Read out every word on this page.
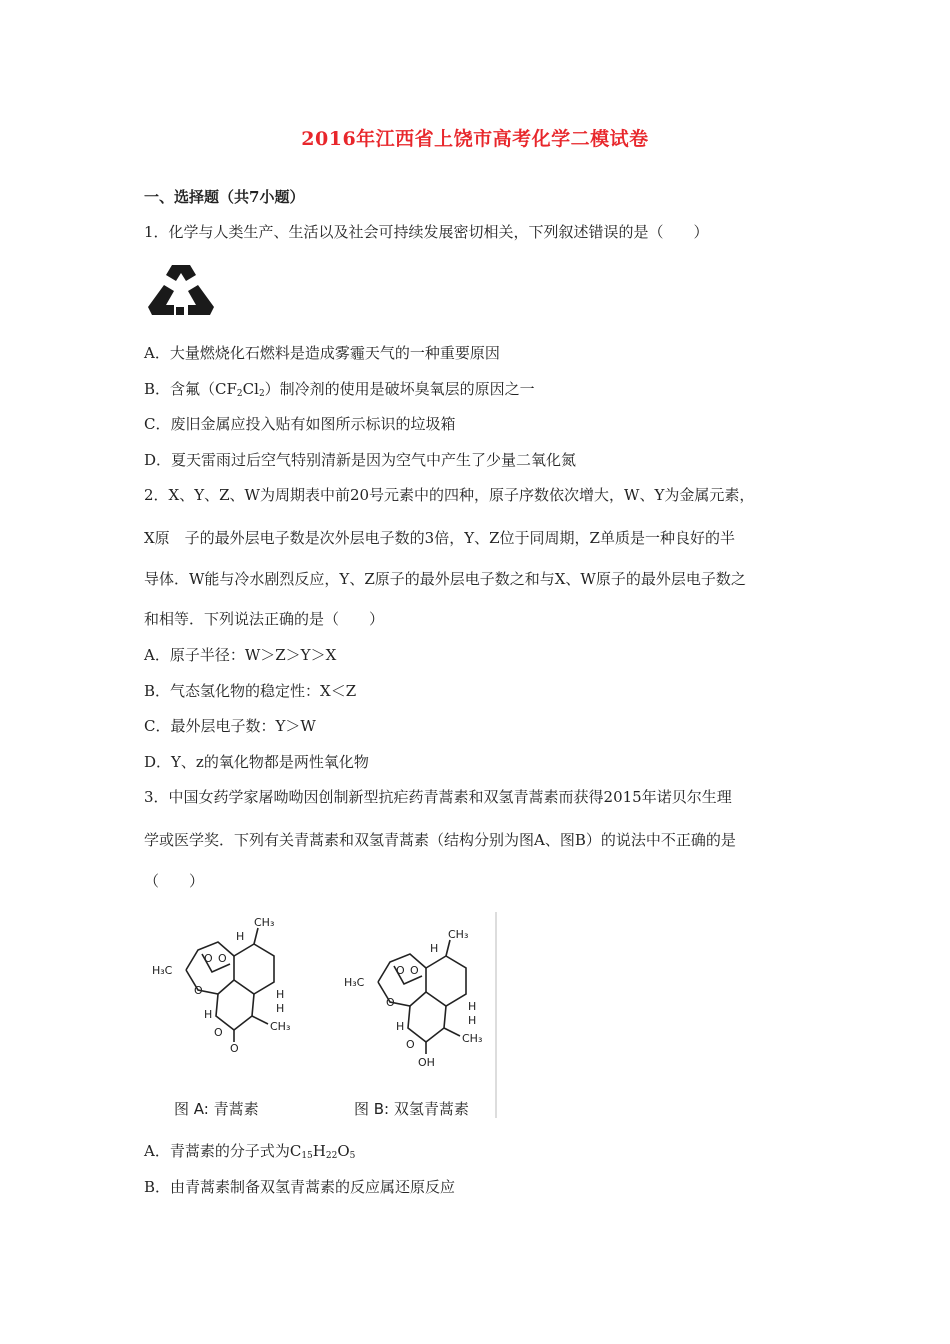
2016年江西省上饶市高考化学二模试卷
一、选择题（共7小题）
1．化学与人类生产、生活以及社会可持续发展密切相关，下列叙述错误的是（　　）
A．大量燃烧化石燃料是造成雾霾天气的一种重要原因
B．含氟$(CF_2Cl_2)$制冷剂的使用是破坏臭氧层的原因之一
C．废旧金属应投入贴有如图所示标识的垃圾箱
D．夏天雷雨过后空气特别清新是因为空气中产生了少量二氧化氮
2．X、Y、Z、W为周期表中前20号元素中的四种，原子序数依次增大，W、Y为金属元素，
X原　子的最外层电子数是次外层电子数的3倍，Y、Z位于同周期，Z单质是一种良好的半
导体．W能与冷水剧烈反应，Y、Z原子的最外层电子数之和与X、W原子的最外层电子数之
和相等．下列说法正确的是（　　）
A．原子半径：W＞Z＞Y＞X
B．气态氢化物的稳定性：X＜Z
C．最外层电子数：Y＞W
D．Y、z的氧化物都是两性氧化物
3．中国女药学家屠呦呦因创制新型抗疟药青蒿素和双氢青蒿素而获得2015年诺贝尔生理
学或医学奖．下列有关青蒿素和双氢青蒿素（结构分别为图A、图B）的说法中不正确的是
（　　）
H₃C
O O
O
H
CH₃
H
H
CH₃
H
O
O
H₃C
O O
O
H
CH₃
H
H
CH₃
H
O
OH
图 A: 青蒿素	图 B: 双氢青蒿素
A．青蒿素的分子式为$C_{15}H_{22}O_5$
B．由青蒿素制备双氢青蒿素的反应属还原反应
